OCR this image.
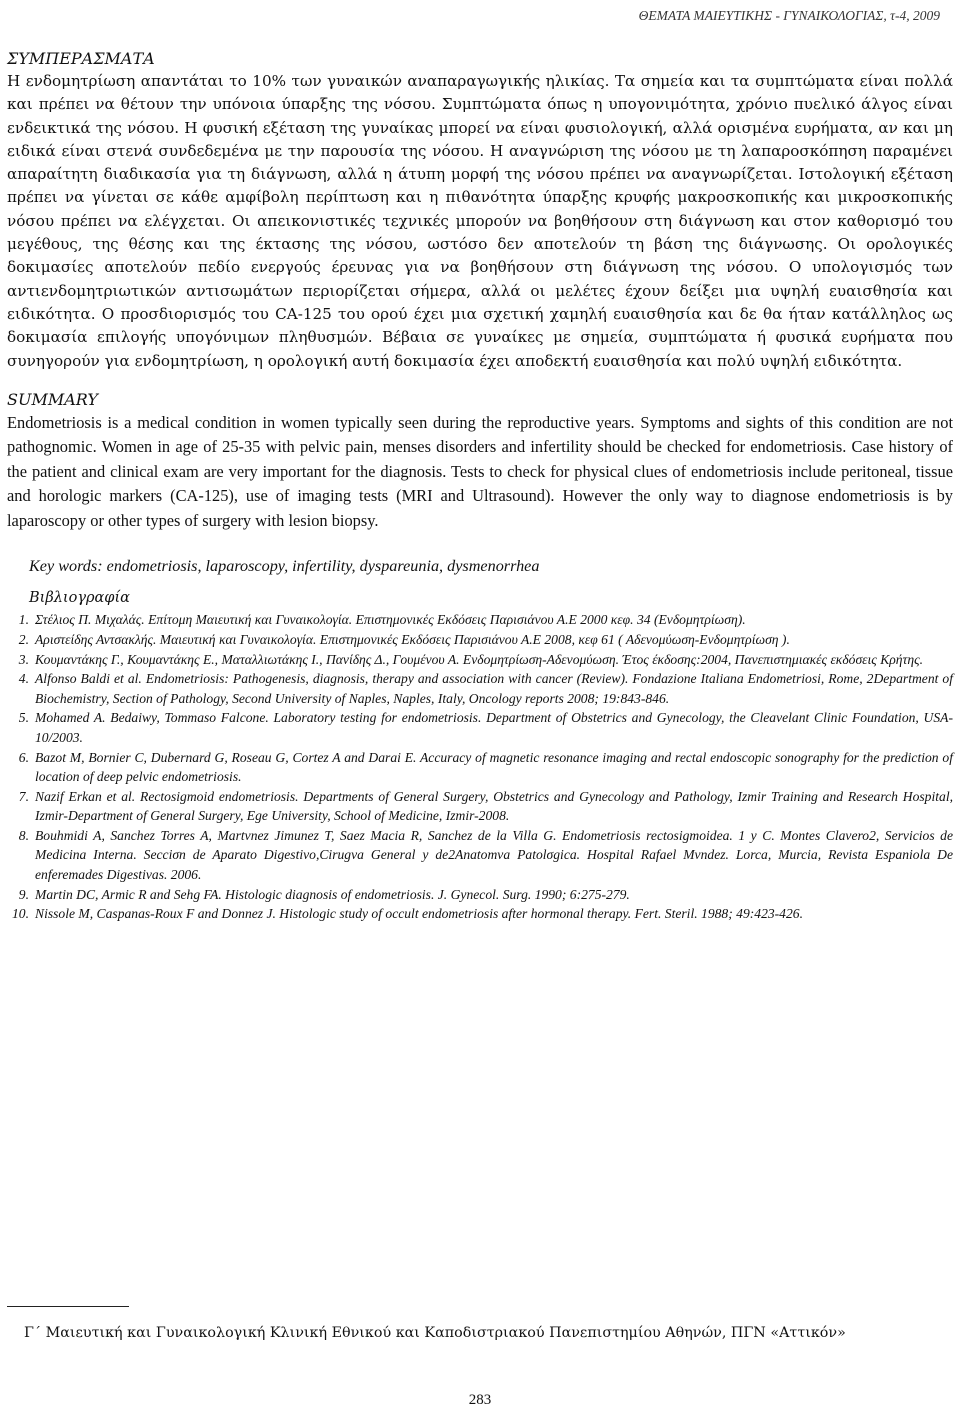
ΘΕΜΑΤΑ ΜΑΙΕΥΤΙΚΗΣ - ΓΥΝΑΙΚΟΛΟΓΙΑΣ, τ-4, 2009

ΣΥΜΠΕΡΑΣΜΑΤΑ

Η ενδομητρίωση απαντάται το 10% των γυναικών αναπαραγωγικής ηλικίας. Τα σημεία και τα συμπτώματα είναι πολλά και πρέπει να θέτουν την υπόνοια ύπαρξης της νόσου. Συμπτώματα όπως η υπογονιμότητα, χρόνιο πυελικό άλγος είναι ενδεικτικά της νόσου. Η φυσική εξέταση της γυναίκας μπορεί να είναι φυσιολογική, αλλά ορισμένα ευρήματα, αν και μη ειδικά είναι στενά συνδεδεμένα με την παρουσία της νόσου. Η αναγνώριση της νόσου με τη λαπαροσκόπηση παραμένει απαραίτητη διαδικασία για τη διάγνωση, αλλά η άτυπη μορφή της νόσου πρέπει να αναγνωρίζεται. Ιστολογική εξέταση πρέπει να γίνεται σε κάθε αμφίβολη περίπτωση και η πιθανότητα ύπαρξης κρυφής μακροσκοπικής και μικροσκοπικής νόσου πρέπει να ελέγχεται. Οι απεικονιστικές τεχνικές μπορούν να βοηθήσουν στη διάγνωση και στον καθορισμό του μεγέθους, της θέσης και της έκτασης της νόσου, ωστόσο δεν αποτελούν τη βάση της διάγνωσης. Οι ορολογικές δοκιμασίες αποτελούν πεδίο ενεργούς έρευνας για να βοηθήσουν στη διάγνωση της νόσου. Ο υπολογισμός των αντιενδομητριωτικών αντισωμάτων περιορίζεται σήμερα, αλλά οι μελέτες έχουν δείξει μια υψηλή ευαισθησία και ειδικότητα. Ο προσδιορισμός του CA-125 του ορού έχει μια σχετική χαμηλή ευαισθησία και δε θα ήταν κατάλληλος ως δοκιμασία επιλογής υπογόνιμων πληθυσμών. Βέβαια σε γυναίκες με σημεία, συμπτώματα ή φυσικά ευρήματα που συνηγορούν για ενδομητρίωση, η ορολογική αυτή δοκιμασία έχει αποδεκτή ευαισθησία και πολύ υψηλή ειδικότητα.

SUMMARY

Endometriosis is a medical condition in women typically seen during the reproductive years. Symptoms and sights of this condition are not pathognomic. Women in age of 25-35 with pelvic pain, menses disorders and infertility should be checked for endometriosis. Case history of the patient and clinical exam are very important for the diagnosis. Tests to check for physical clues of endometriosis include peritoneal, tissue and horologic markers (CA-125), use of imaging tests (MRI and Ultrasound). However the only way to diagnose endometriosis is by laparoscopy or other types of surgery with lesion biopsy.

Key words: endometriosis, laparoscopy, infertility, dyspareunia, dysmenorrhea

Βιβλιογραφία

1. Στέλιος Π. Μιχαλάς. Επίτομη Μαιευτική και Γυναικολογία. Επιστημονικές Εκδόσεις Παρισιάνου Α.Ε 2000 κεφ. 34 (Ενδομητρίωση).
2. Αριστείδης Αντσακλής. Μαιευτική και Γυναικολογία. Επιστημονικές Εκδόσεις Παρισιάνου Α.Ε 2008, κεφ 61 ( Αδενομύωση-Ενδομητρίωση ).
3. Κουμαντάκης Γ., Κουμαντάκης Ε., Ματαλλιωτάκης Ι., Πανίδης Δ., Γουμένου Α. Ενδομητρίωση-Αδενομύωση. Έτος έκδοσης:2004, Πανεπιστημιακές εκδόσεις Κρήτης.
4. Alfonso Baldi et al. Endometriosis: Pathogenesis, diagnosis, therapy and association with cancer (Review). Fondazione Italiana Endometriosi, Rome, 2Department of Biochemistry, Section of Pathology, Second University of Naples, Naples, Italy, Oncology reports 2008; 19:843-846.
5. Mohamed A. Bedaiwy, Tommaso Falcone. Laboratory testing for endometriosis. Department of Obstetrics and Gynecology, the Cleavelant Clinic Foundation, USA-10/2003.
6. Bazot M, Bornier C, Dubernard G, Roseau G, Cortez A and Darai E. Accuracy of magnetic resonance imaging and rectal endoscopic sonography for the prediction of location of deep pelvic endometriosis.
7. Nazif Erkan et al. Rectosigmoid endometriosis. Departments of General Surgery, Obstetrics and Gynecology and Pathology, Izmir Training and Research Hospital, Izmir-Department of General Surgery, Ege University, School of Medicine, Izmir-2008.
8. Bouhmidi A, Sanchez Torres A, Martvnez Jimunez T, Saez Macia R, Sanchez de la Villa G. Endometriosis rectosigmoidea. 1 y C. Montes Clavero2, Servicios de Medicina Interna. Secciσn de Aparato Digestivo,Cirugνa General y de2Anatomνa Patolσgica. Hospital Rafael Mνndez. Lorca, Murcia, Revista Espaniola De enferemades Digestivas. 2006.
9. Martin DC, Armic R and Sehg FA. Histologic diagnosis of endometriosis. J. Gynecol. Surg. 1990; 6:275-279.
10. Nissole M, Caspanas-Roux F and Donnez J. Histologic study of occult endometriosis after hormonal therapy. Fert. Steril. 1988; 49:423-426.
Γ΄ Μαιευτική και Γυναικολογική Κλινική Εθνικού και Καποδιστριακού Πανεπιστημίου Αθηνών, ΠΓΝ «Αττικόν»
283
